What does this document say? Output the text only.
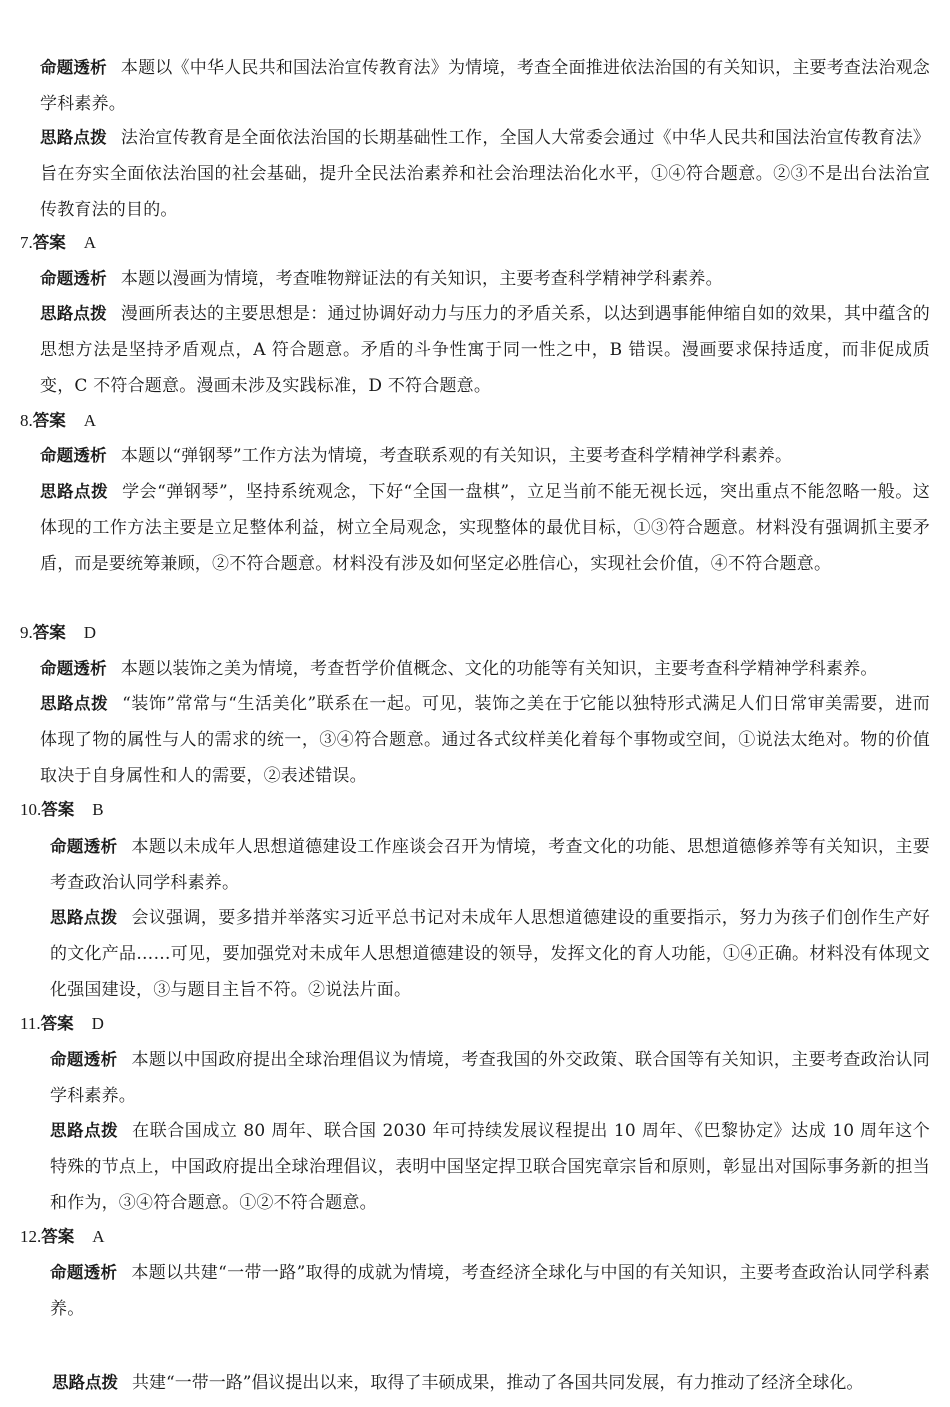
命题透析 本题以《中华人民共和国法治宣传教育法》为情境，考查全面推进依法治国的有关知识，主要考查法治观念学科素养。
思路点拨 法治宣传教育是全面依法治国的长期基础性工作，全国人大常委会通过《中华人民共和国法治宣传教育法》旨在夯实全面依法治国的社会基础，提升全民法治素养和社会治理法治化水平，①④符合题意。②③不是出台法治宣传教育法的目的。
7.答案 A
命题透析 本题以漫画为情境，考查唯物辩证法的有关知识，主要考查科学精神学科素养。
思路点拨 漫画所表达的主要思想是：通过协调好动力与压力的矛盾关系，以达到遇事能伸缩自如的效果，其中蕴含的思想方法是坚持矛盾观点，A 符合题意。矛盾的斗争性寓于同一性之中，B 错误。漫画要求保持适度，而非促成质变，C 不符合题意。漫画未涉及实践标准，D 不符合题意。
8.答案 A
命题透析 本题以“弹钢琴”工作方法为情境，考查联系观的有关知识，主要考查科学精神学科素养。
思路点拨 学会“弹钢琴”，坚持系统观念，下好“全国一盘棋”，立足当前不能无视长远，突出重点不能忽略一般。这体现的工作方法主要是立足整体利益，树立全局观念，实现整体的最优目标，①③符合题意。材料没有强调抓主要矛盾，而是要统筹兼顾，②不符合题意。材料没有涉及如何坚定必胜信心，实现社会价值，④不符合题意。
9.答案 D
命题透析 本题以装饰之美为情境，考查哲学价值概念、文化的功能等有关知识，主要考查科学精神学科素养。
思路点拨 “装饰”常常与“生活美化”联系在一起。可见，装饰之美在于它能以独特形式满足人们日常审美需要，进而体现了物的属性与人的需求的统一，③④符合题意。通过各式纹样美化着每个事物或空间，①说法太绝对。物的价值取决于自身属性和人的需要，②表述错误。
10.答案 B
命题透析 本题以未成年人思想道德建设工作座谈会召开为情境，考查文化的功能、思想道德修养等有关知识，主要考查政治认同学科素养。
思路点拨 会议强调，要多措并举落实习近平总书记对未成年人思想道德建设的重要指示，努力为孩子们创作生产好的文化产品……可见，要加强党对未成年人思想道德建设的领导，发挥文化的育人功能，①④正确。材料没有体现文化强国建设，③与题目主旨不符。②说法片面。
11.答案 D
命题透析 本题以中国政府提出全球治理倡议为情境，考查我国的外交政策、联合国等有关知识，主要考查政治认同学科素养。
思路点拨 在联合国成立 80 周年、联合国 2030 年可持续发展议程提出 10 周年、《巴黎协定》达成 10 周年这个特殊的节点上，中国政府提出全球治理倡议，表明中国坚定捍卫联合国宪章宗旨和原则，彰显出对国际事务新的担当和作为，③④符合题意。①②不符合题意。
12.答案 A
命题透析 本题以共建“一带一路”取得的成就为情境，考查经济全球化与中国的有关知识，主要考查政治认同学科素养。
思路点拨 共建“一带一路”倡议提出以来，取得了丰硕成果，推动了各国共同发展，有力推动了经济全球化。
